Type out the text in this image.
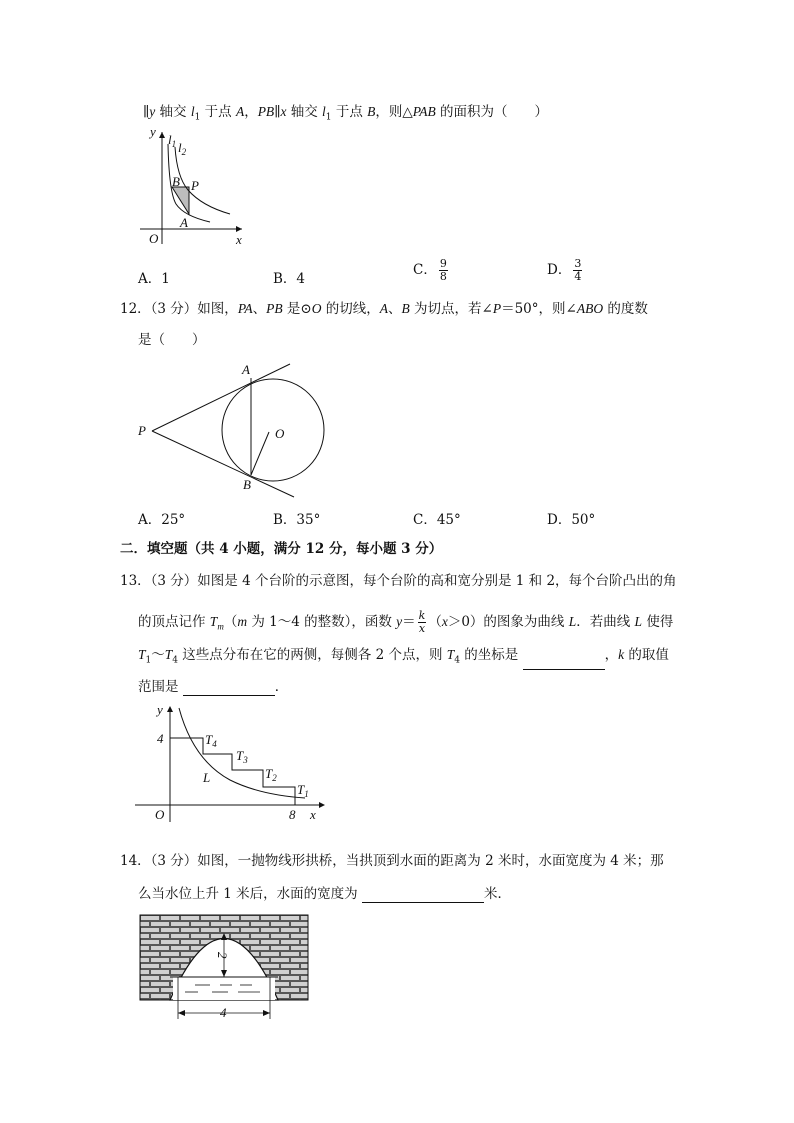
∥y 轴交 $l_1$ 于点 A，PB∥x 轴交 $l_1$ 于点 B，则△PAB 的面积为（　　）
y
$l_1$ $l_2$
B P
A
O	x
A．1	B．4
C． $\frac{9}{8}$	D． $\frac{3}{4}$
12．（3 分）如图，PA、PB 是⊙O 的切线，A、B 为切点，若∠P＝50°，则∠ABO 的度数
是（　　）
A
P	O
B
A．25°	B．35°	C．45°	D．50°
二．填空题（共 4 小题，满分 12 分，每小题 3 分）
13．（3 分）如图是 4 个台阶的示意图，每个台阶的高和宽分别是 1 和 2，每个台阶凸出的角
的顶点记作 $T_m(m$ 为 1～4 的整数），函数 $y= \frac{k}{x} (x>0)$的图象为曲线 L．若曲线 L 使得
$T_1\sim T_4$ 这些点分布在它的两侧，每侧各 2 个点，则 $T_4$ 的坐标是	，k 的取值
范围是	．
4	$T_4$
$T_3$
$T_2$
$T_1$
L
O	8 x
y
14．（3 分）如图，一抛物线形拱桥，当拱顶到水面的距离为 2 米时，水面宽度为 4 米；那
么当水位上升 1 米后，水面的宽度为	米．
2
4
